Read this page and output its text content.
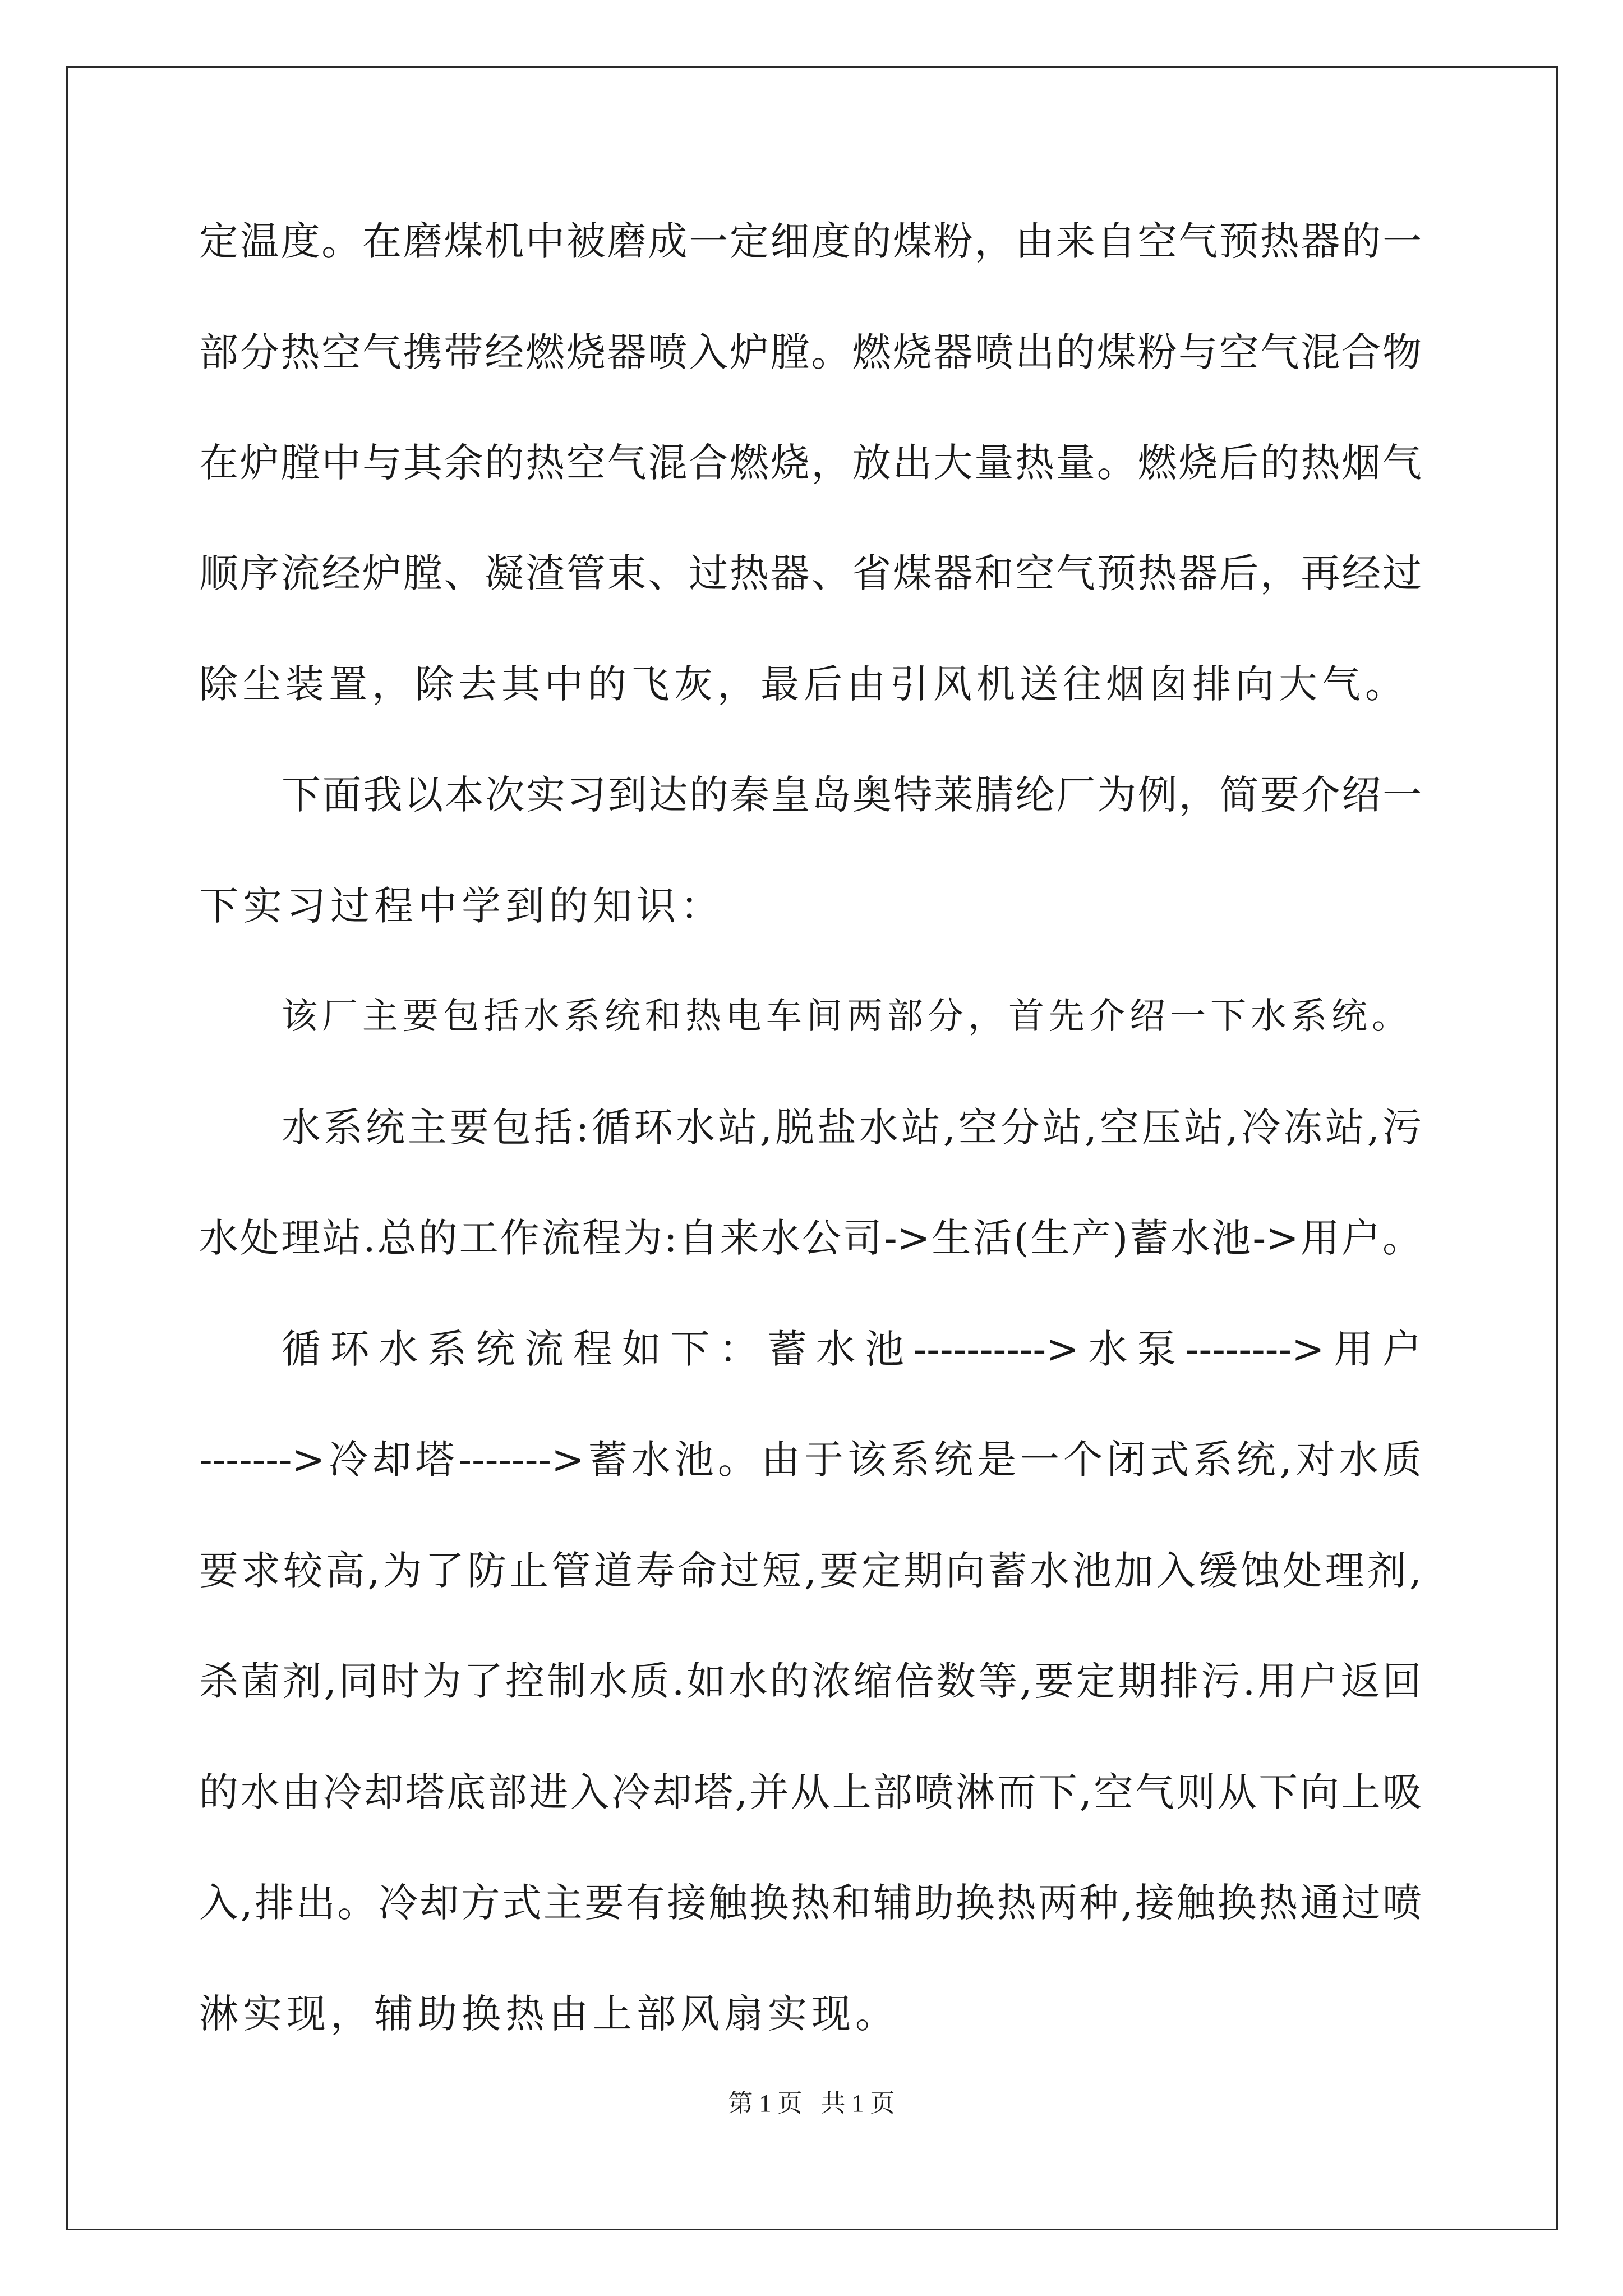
定温度。在磨煤机中被磨成一定细度的煤粉，由来自空气预热器的一

部分热空气携带经燃烧器喷入炉膛。燃烧器喷出的煤粉与空气混合物

在炉膛中与其余的热空气混合燃烧，放出大量热量。燃烧后的热烟气

顺序流经炉膛、凝渣管束、过热器、省煤器和空气预热器后，再经过

除尘装置，除去其中的飞灰，最后由引风机送往烟囱排向大气。

下面我以本次实习到达的秦皇岛奥特莱腈纶厂为例，简要介绍一

下实习过程中学到的知识：

该厂主要包括水系统和热电车间两部分，首先介绍一下水系统。

水系统主要包括:循环水站,脱盐水站,空分站,空压站,冷冻站,污

水处理站.总的工作流程为:自来水公司->生活(生产)蓄水池->用户。

循环水系统流程如下：蓄水池---------->水泵-------->用户

------->冷却塔------->蓄水池。由于该系统是一个闭式系统,对水质

要求较高,为了防止管道寿命过短,要定期向蓄水池加入缓蚀处理剂,

杀菌剂,同时为了控制水质.如水的浓缩倍数等,要定期排污.用户返回

的水由冷却塔底部进入冷却塔,并从上部喷淋而下,空气则从下向上吸

入,排出。冷却方式主要有接触换热和辅助换热两种,接触换热通过喷

淋实现，辅助换热由上部风扇实现。

第 1 页   共 1 页
